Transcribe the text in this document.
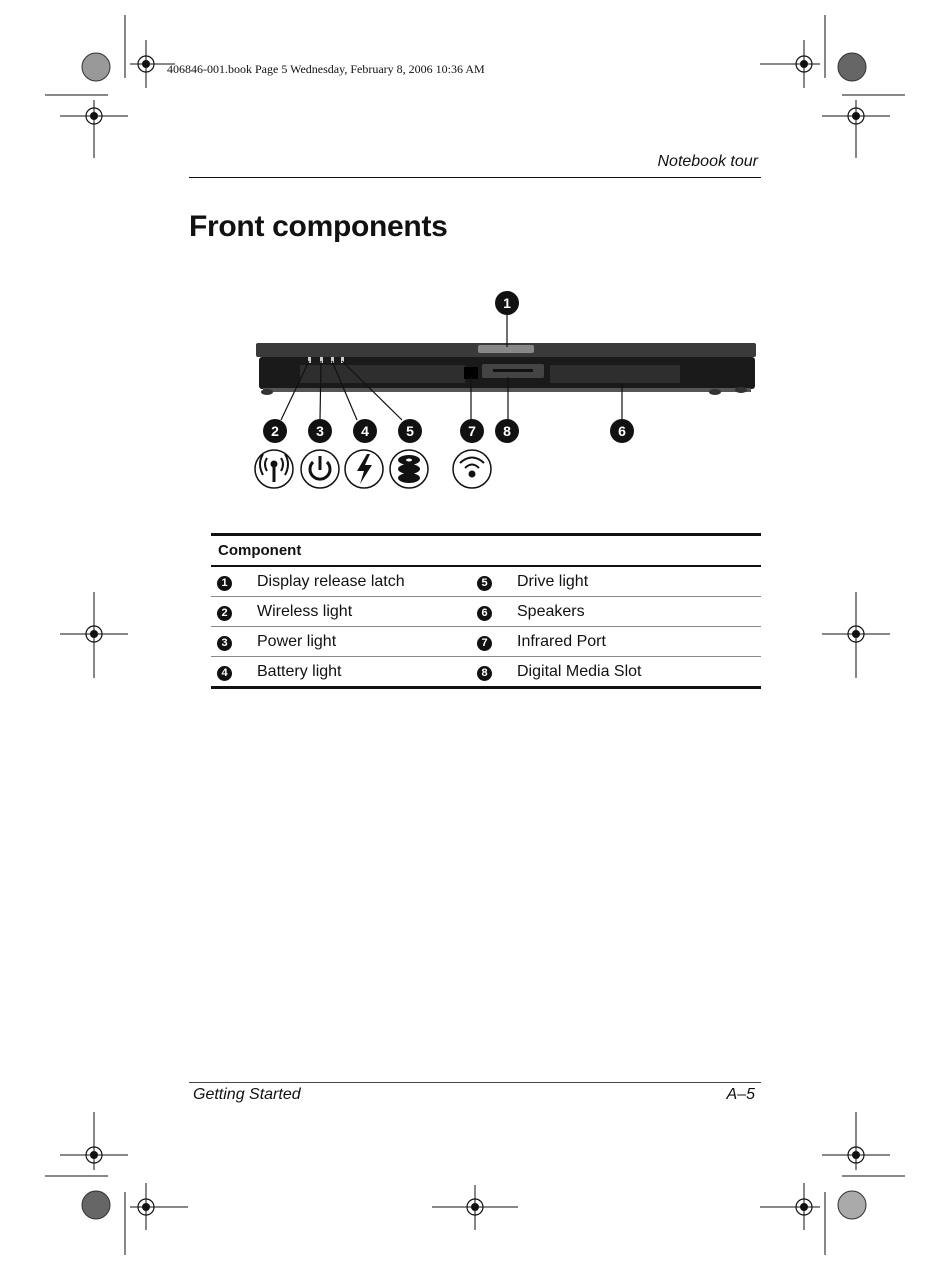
406846-001.book Page 5 Wednesday, February 8, 2006 10:36 AM
Notebook tour
Front components
1
2	3	4	5	7 8	6
Component			
1	Display release latch	5	Drive light
2	Wireless light	6	Speakers
3	Power light	7	Infrared Port
4	Battery light	8	Digital Media Slot
Getting Started	A–5
